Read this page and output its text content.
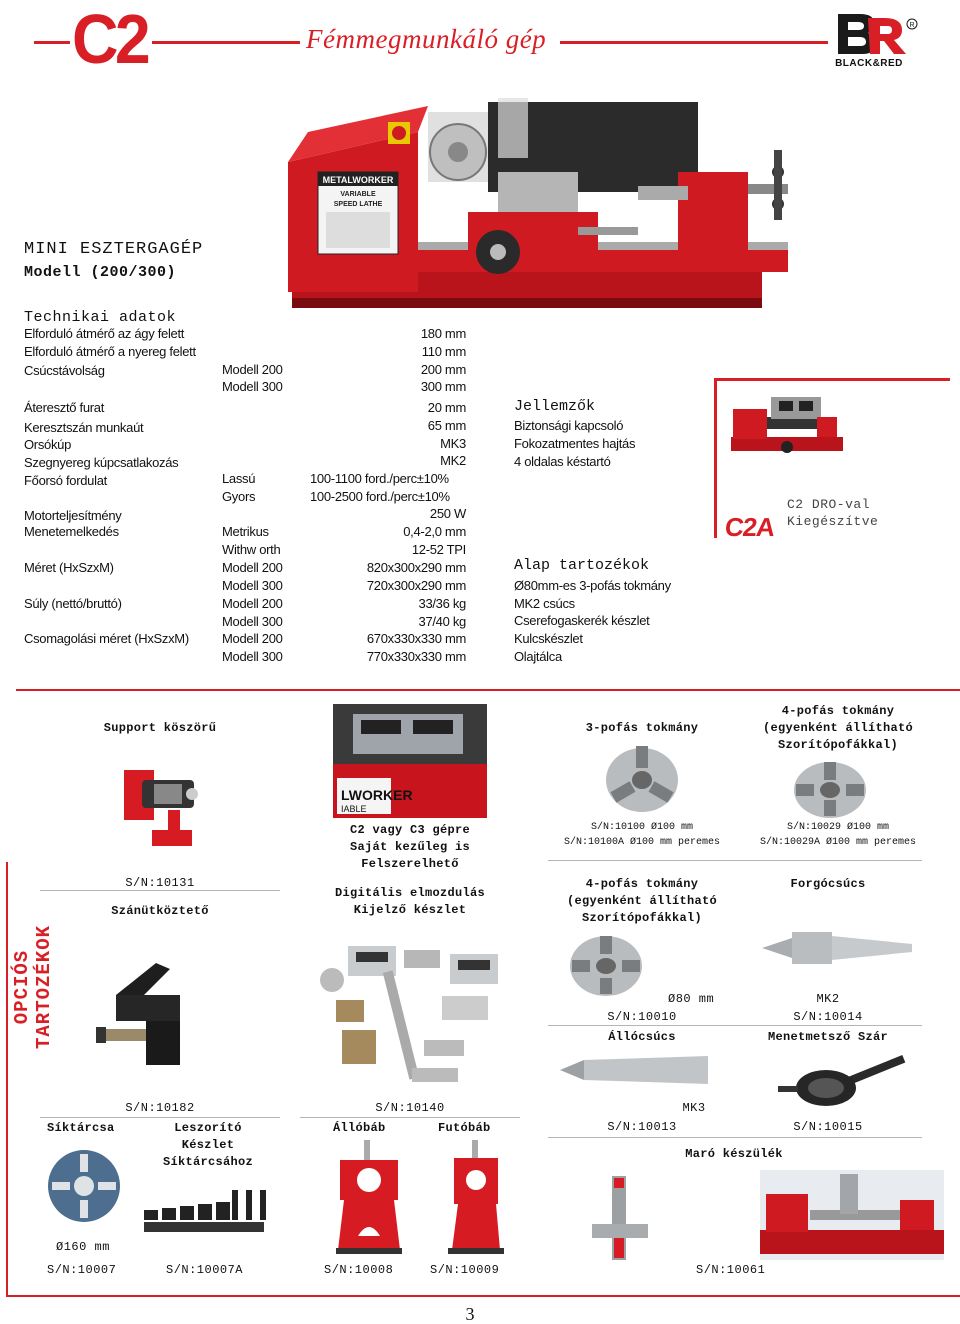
C2	Fémmegmunkáló gép	R
BLACK&RED
METALWORKER
VARIABLE
SPEED LATHE
MINI ESZTERGAGÉP
Modell (200/300)
Technikai adatok
Elforduló átmérő az ágy felett	180 mm
Elforduló átmérő a nyereg felett	110 mm
Csúcstávolság	Modell 200	200 mm
Modell 300	300 mm
Áteresztő furat	20 mm
Keresztszán munkaút	65 mm
Orsókúp	MK3
Szegnyereg kúpcsatlakozás	MK2
Főorsó fordulat	Lassú	100-1100 ford./perc±10%
Gyors	100-2500 ford./perc±10%
Motorteljesítmény	250 W
Menetemelkedés	Metrikus	0,4-2,0 mm
Withw orth	12-52 TPI
Méret (HxSzxM)	Modell 200	820x300x290 mm
Modell 300	720x300x290 mm
Súly (nettó/bruttó)	Modell 200	33/36 kg
Modell 300	37/40 kg
Csomagolási méret (HxSzxM)	Modell 200	670x330x330 mm
Modell 300	770x330x330 mm
Jellemzők
Biztonsági kapcsoló
Fokozatmentes hajtás
4 oldalas késtartó
Alap tartozékok
Ø80mm-es 3-pofás tokmány
MK2 csúcs
Cserefogaskerék készlet
Kulcskészlet
Olajtálca
C2A
C2 DRO-val
Kiegészítve
OPCIÓS TARTOZÉKOK
Support köszörű
S/N:10131
Szánütköztető
S/N:10182
LWORKER
IABLE
C2 vagy C3 gépre
Saját kezűleg is
Felszerelhető
Digitális elmozdulás
Kijelző készlet
S/N:10140
3-pofás tokmány
S/N:10100 Ø100 mm
S/N:10100A Ø100 mm peremes
4-pofás tokmány
(egyenként állítható
Szorítópofákkal)
S/N:10029 Ø100 mm
S/N:10029A Ø100 mm peremes
4-pofás tokmány
(egyenként állítható
Szorítópofákkal)
Ø80 mm
S/N:10010
Forgócsúcs
MK2
S/N:10014
Állócsúcs
MK3
S/N:10013
Menetmetsző Szár
S/N:10015
Síktárcsa
Ø160 mm
S/N:10007
Leszorító
Készlet
Síktárcsához
S/N:10007A
Állóbáb
S/N:10008
Futóbáb
S/N:10009
Maró készülék
S/N:10061
3
